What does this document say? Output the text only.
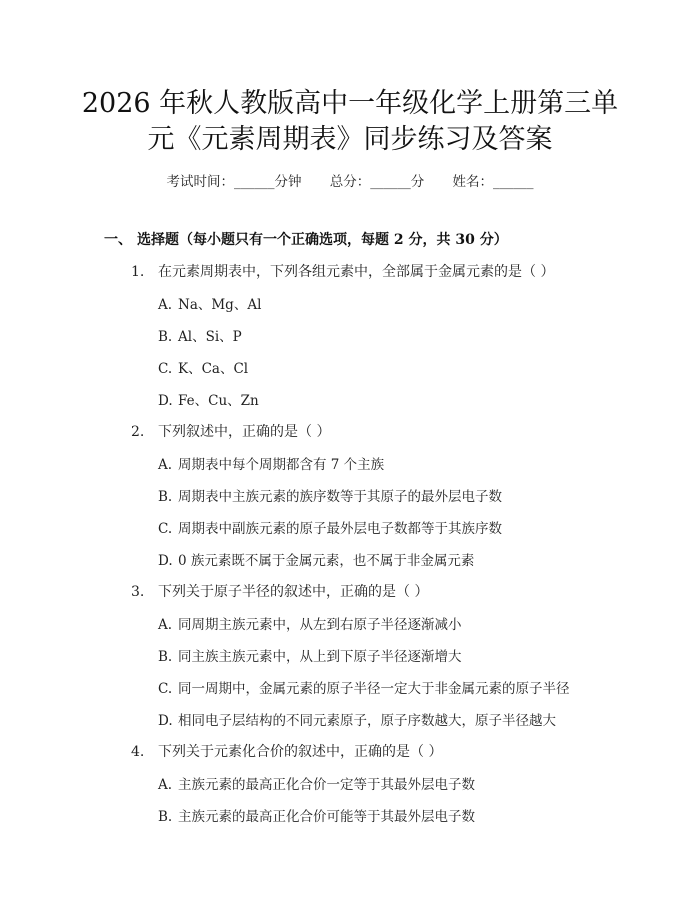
2026 年秋人教版高中一年级化学上册第三单
元《元素周期表》同步练习及答案
考试时间：______分钟 总分：______分 姓名：______
一、 选择题（每小题只有一个正确选项，每题 2 分，共 30 分）
1. 在元素周期表中，下列各组元素中，全部属于金属元素的是（ ）
A. Na、Mg、Al
B. Al、Si、P
C. K、Ca、Cl
D. Fe、Cu、Zn
2. 下列叙述中，正确的是（ ）
A. 周期表中每个周期都含有 7 个主族
B. 周期表中主族元素的族序数等于其原子的最外层电子数
C. 周期表中副族元素的原子最外层电子数都等于其族序数
D. 0 族元素既不属于金属元素，也不属于非金属元素
3. 下列关于原子半径的叙述中，正确的是（ ）
A. 同周期主族元素中，从左到右原子半径逐渐减小
B. 同主族主族元素中，从上到下原子半径逐渐增大
C. 同一周期中，金属元素的原子半径一定大于非金属元素的原子半径
D. 相同电子层结构的不同元素原子，原子序数越大，原子半径越大
4. 下列关于元素化合价的叙述中，正确的是（ ）
A. 主族元素的最高正化合价一定等于其最外层电子数
B. 主族元素的最高正化合价可能等于其最外层电子数
